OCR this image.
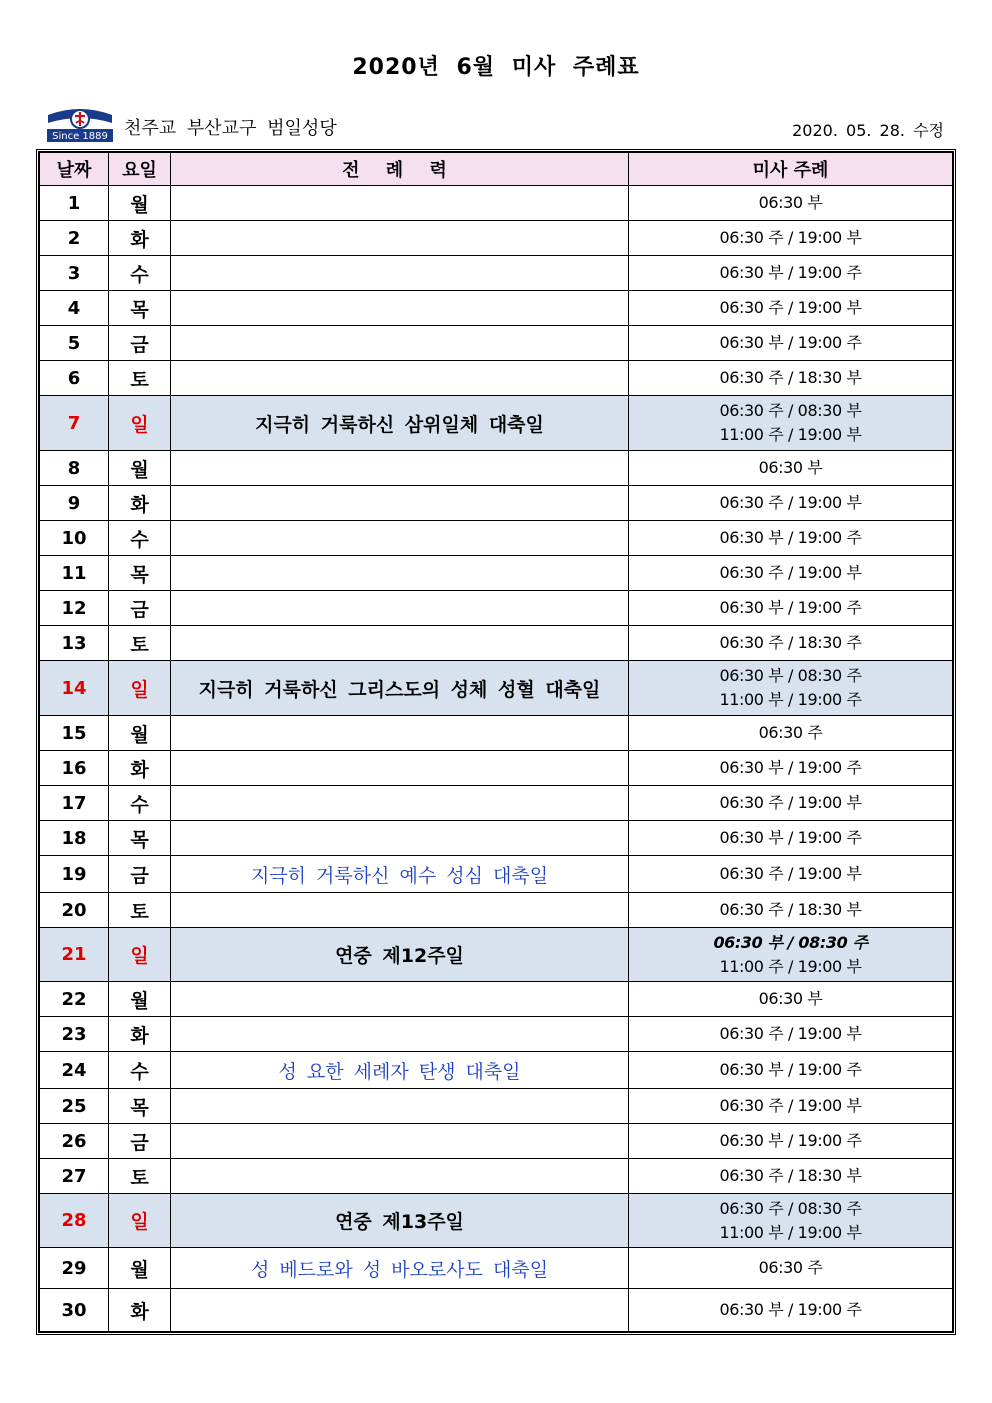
2020년 6월 미사 주례표
Since 1889 천주교 부산교구 범일성당	2020. 05. 28. 수정
날짜	요일	전 례 력	미사 주례
1	월		06:30 부
2	화		06:30 주 / 19:00 부
3	수		06:30 부 / 19:00 주
4	목		06:30 주 / 19:00 부
5	금		06:30 부 / 19:00 주
6	토		06:30 주 / 18:30 부
7	일	지극히 거룩하신 삼위일체 대축일	06:30 주 / 08:30 부
11:00 주 / 19:00 부
8	월		06:30 부
9	화		06:30 주 / 19:00 부
10	수		06:30 부 / 19:00 주
11	목		06:30 주 / 19:00 부
12	금		06:30 부 / 19:00 주
13	토		06:30 주 / 18:30 주
14	일	지극히 거룩하신 그리스도의 성체 성혈 대축일	06:30 부 / 08:30 주
11:00 부 / 19:00 주
15	월		06:30 주
16	화		06:30 부 / 19:00 주
17	수		06:30 주 / 19:00 부
18	목		06:30 부 / 19:00 주
19	금	지극히 거룩하신 예수 성심 대축일	06:30 주 / 19:00 부
20	토		06:30 주 / 18:30 부
21	일	연중 제12주일	06:30 부 / 08:30 주
11:00 주 / 19:00 부
22	월		06:30 부
23	화		06:30 주 / 19:00 부
24	수	성 요한 세례자 탄생 대축일	06:30 부 / 19:00 주
25	목		06:30 주 / 19:00 부
26	금		06:30 부 / 19:00 주
27	토		06:30 주 / 18:30 부
28	일	연중 제13주일	06:30 주 / 08:30 주
11:00 부 / 19:00 부
29	월	성 베드로와 성 바오로사도 대축일	06:30 주
30	화		06:30 부 / 19:00 주
